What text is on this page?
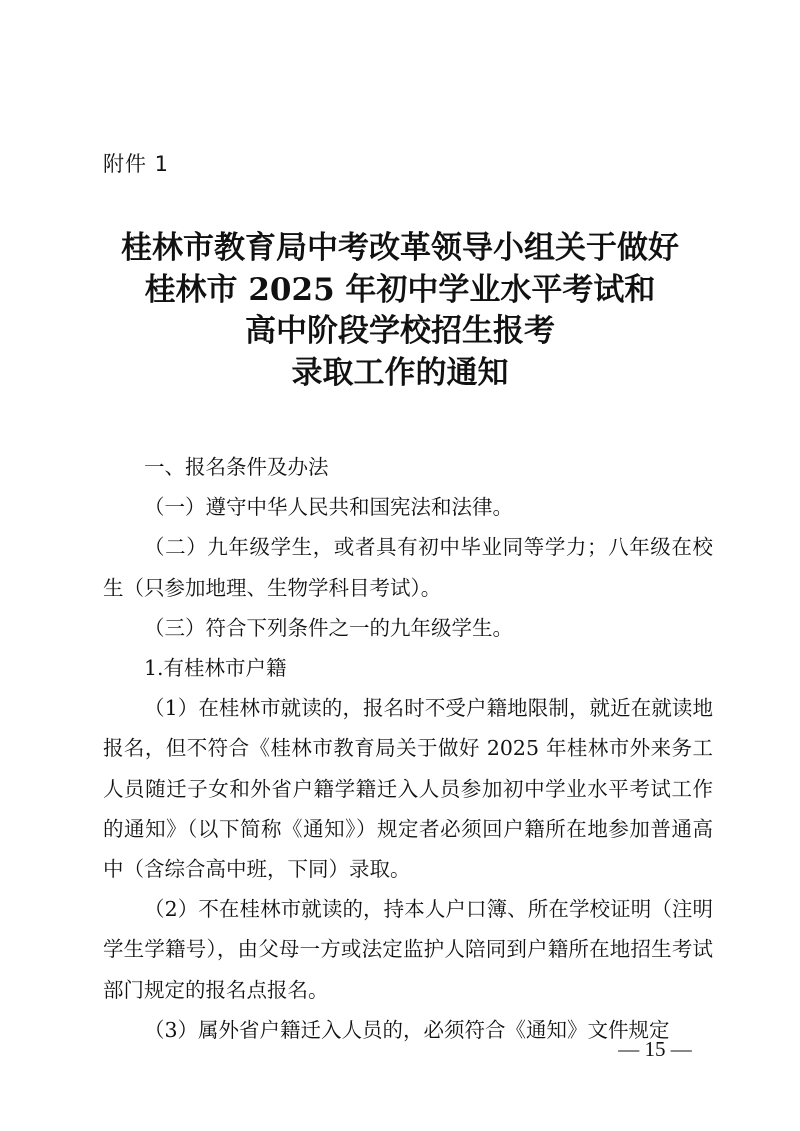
附件 1
桂林市教育局中考改革领导小组关于做好
桂林市 2025 年初中学业水平考试和
高中阶段学校招生报考
录取工作的通知

一、报名条件及办法

（一）遵守中华人民共和国宪法和法律。

（二）九年级学生，或者具有初中毕业同等学力；八年级在校生（只参加地理、生物学科目考试）。

（三）符合下列条件之一的九年级学生。

1.有桂林市户籍

（1）在桂林市就读的，报名时不受户籍地限制，就近在就读地报名，但不符合《桂林市教育局关于做好 2025 年桂林市外来务工人员随迁子女和外省户籍学籍迁入人员参加初中学业水平考试工作的通知》（以下简称《通知》）规定者必须回户籍所在地参加普通高中（含综合高中班，下同）录取。

（2）不在桂林市就读的，持本人户口簿、所在学校证明（注明学生学籍号），由父母一方或法定监护人陪同到户籍所在地招生考试部门规定的报名点报名。

（3）属外省户籍迁入人员的，必须符合《通知》文件规定

— 15 —
